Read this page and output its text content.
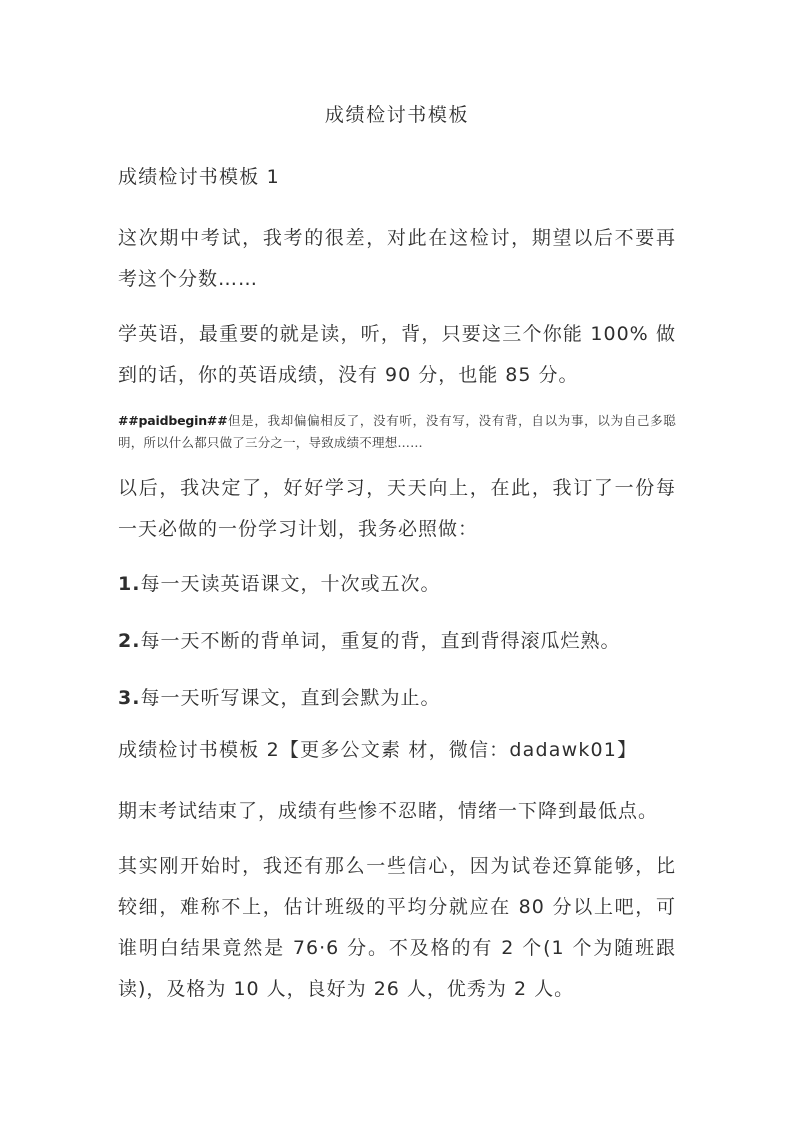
成绩检讨书模板
成绩检讨书模板 1

这次期中考试，我考的很差，对此在这检讨，期望以后不要再考这个分数……

学英语，最重要的就是读，听，背，只要这三个你能 100% 做到的话，你的英语成绩，没有 90 分，也能 85 分。

##paidbegin##但是，我却偏偏相反了，没有听，没有写，没有背，自以为事，以为自己多聪明，所以什么都只做了三分之一，导致成绩不理想……

以后，我决定了，好好学习，天天向上，在此，我订了一份每一天必做的一份学习计划，我务必照做：

1.每一天读英语课文，十次或五次。

2.每一天不断的背单词，重复的背，直到背得滚瓜烂熟。

3.每一天听写课文，直到会默为止。

成绩检讨书模板 2【更多公文素 材，微信：dadawk01】

期末考试结束了，成绩有些惨不忍睹，情绪一下降到最低点。

其实刚开始时，我还有那么一些信心，因为试卷还算能够，比较细，难称不上，估计班级的平均分就应在 80 分以上吧，可谁明白结果竟然是 76·6 分。不及格的有 2 个(1 个为随班跟读)，及格为 10 人，良好为 26 人，优秀为 2 人。
